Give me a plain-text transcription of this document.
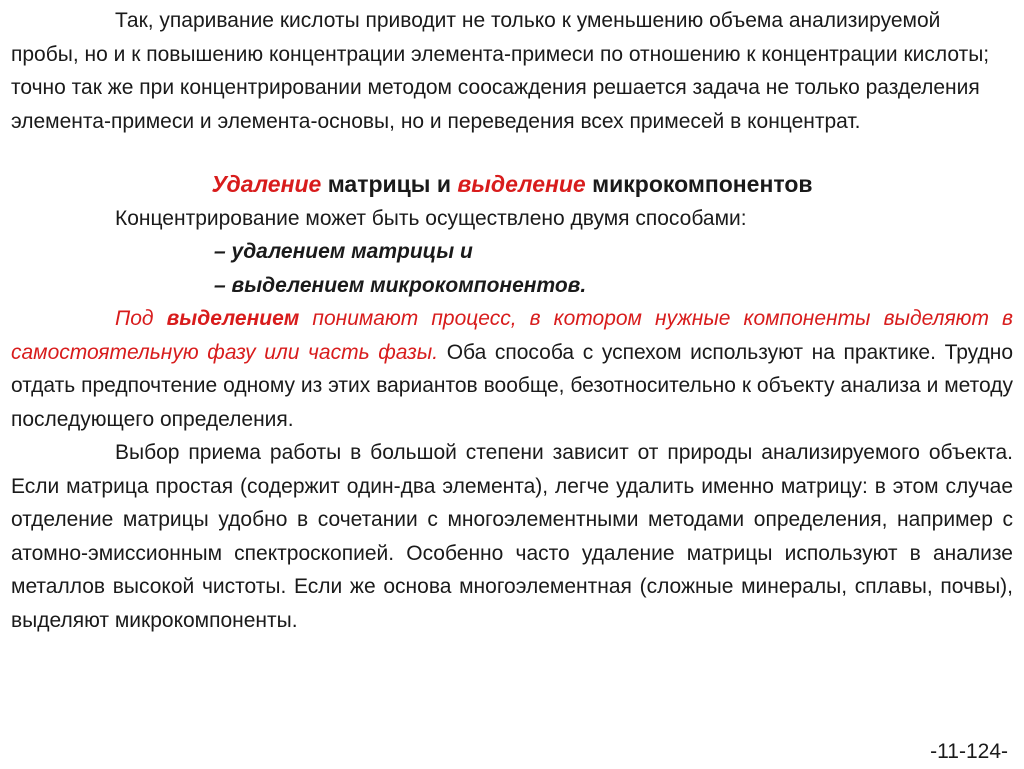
Так, упаривание кислоты приводит не только к уменьшению объема анализируемой пробы, но и к повышению концентрации элемента-примеси по отношению к концентрации кислоты; точно так же при концентрировании методом соосаждения решается задача не только разделения элемента-примеси и элемента-основы, но и переведения всех примесей в концентрат.

Удаление матрицы и выделение микрокомпонентов

Концентрирование может быть осуществлено двумя способами:

– удалением матрицы и

– выделением микрокомпонентов.

Под выделением понимают процесс, в котором нужные компоненты выделяют в самостоятельную фазу или часть фазы. Оба способа с успехом используют на практике. Трудно отдать предпочтение одному из этих вариантов вообще, безотносительно к объекту анализа и методу последующего определения.

Выбор приема работы в большой степени зависит от природы анализируемого объекта. Если матрица простая (содержит один-два элемента), легче удалить именно матрицу: в этом случае отделение матрицы удобно в сочетании с многоэлементными методами определения, например с атомно-эмиссионным спектроскопией. Особенно часто удаление матрицы используют в анализе металлов высокой чистоты. Если же основа многоэлементная (сложные минералы, сплавы, почвы), выделяют микрокомпоненты.

-11-124-
